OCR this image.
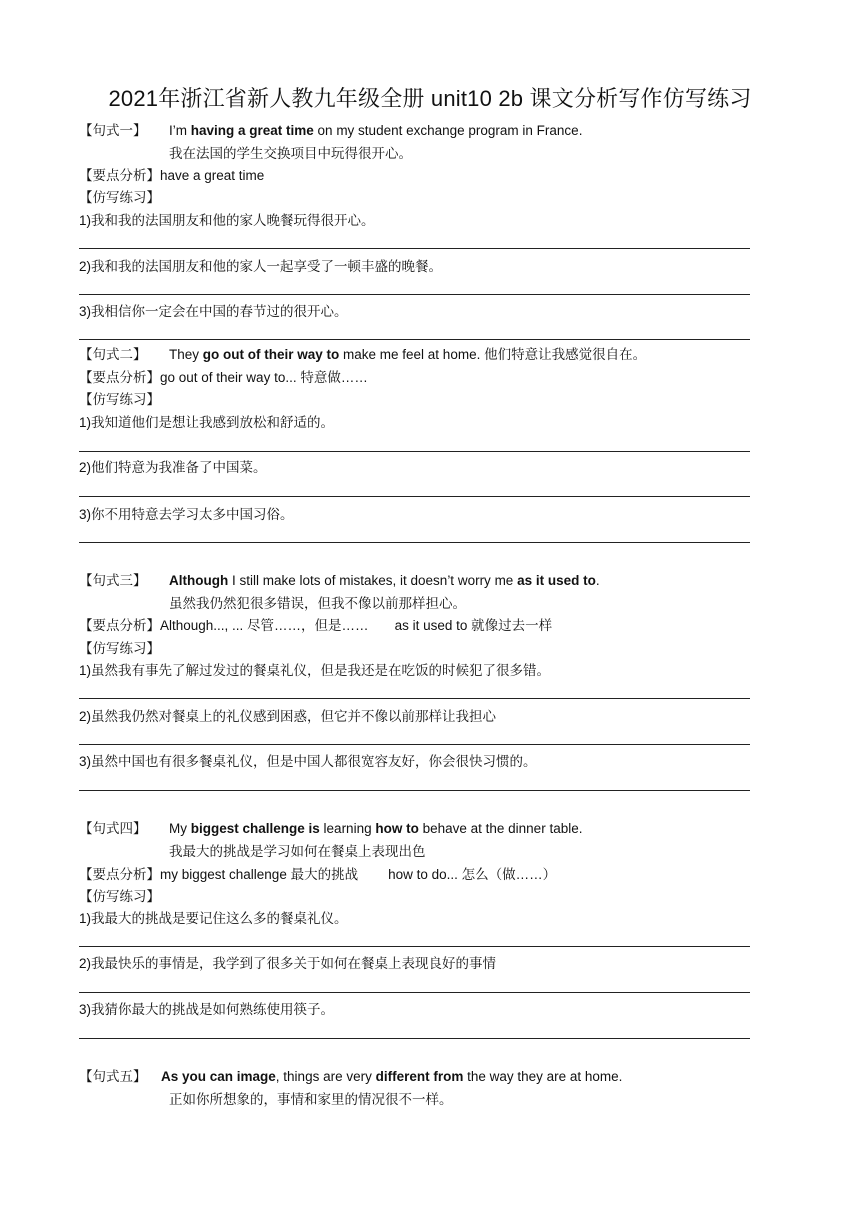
2021年浙江省新人教九年级全册 unit10 2b 课文分析写作仿写练习
【句式一】 I’m having a great time on my student exchange program in France.
我在法国的学生交换项目中玩得很开心。
【要点分析】have a great time
【仿写练习】
1)我和我的法国朋友和他的家人晚餐玩得很开心。
2)我和我的法国朋友和他的家人一起享受了一顿丰盛的晚餐。
3)我相信你一定会在中国的春节过的很开心。
【句式二】 They go out of their way to make me feel at home. 他们特意让我感觉很自在。
【要点分析】go out of their way to... 特意做……
【仿写练习】
1)我知道他们是想让我感到放松和舒适的。
2)他们特意为我准备了中国菜。
3)你不用特意去学习太多中国习俗。
【句式三】 Although I still make lots of mistakes, it doesn’t worry me as it used to.
虽然我仍然犯很多错误，但我不像以前那样担心。
【要点分析】Although..., ... 尽管……，但是…… as it used to 就像过去一样
【仿写练习】
1)虽然我有事先了解过发过的餐桌礼仪，但是我还是在吃饭的时候犯了很多错。
2)虽然我仍然对餐桌上的礼仪感到困惑，但它并不像以前那样让我担心
3)虽然中国也有很多餐桌礼仪，但是中国人都很宽容友好，你会很快习惯的。
【句式四】 My biggest challenge is learning how to behave at the dinner table.
我最大的挑战是学习如何在餐桌上表现出色
【要点分析】my biggest challenge 最大的挑战 how to do... 怎么（做……）
【仿写练习】
1)我最大的挑战是要记住这么多的餐桌礼仪。
2)我最快乐的事情是，我学到了很多关于如何在餐桌上表现良好的事情
3)我猜你最大的挑战是如何熟练使用筷子。
【句式五】 As you can image, things are very different from the way they are at home.
正如你所想象的，事情和家里的情况很不一样。
